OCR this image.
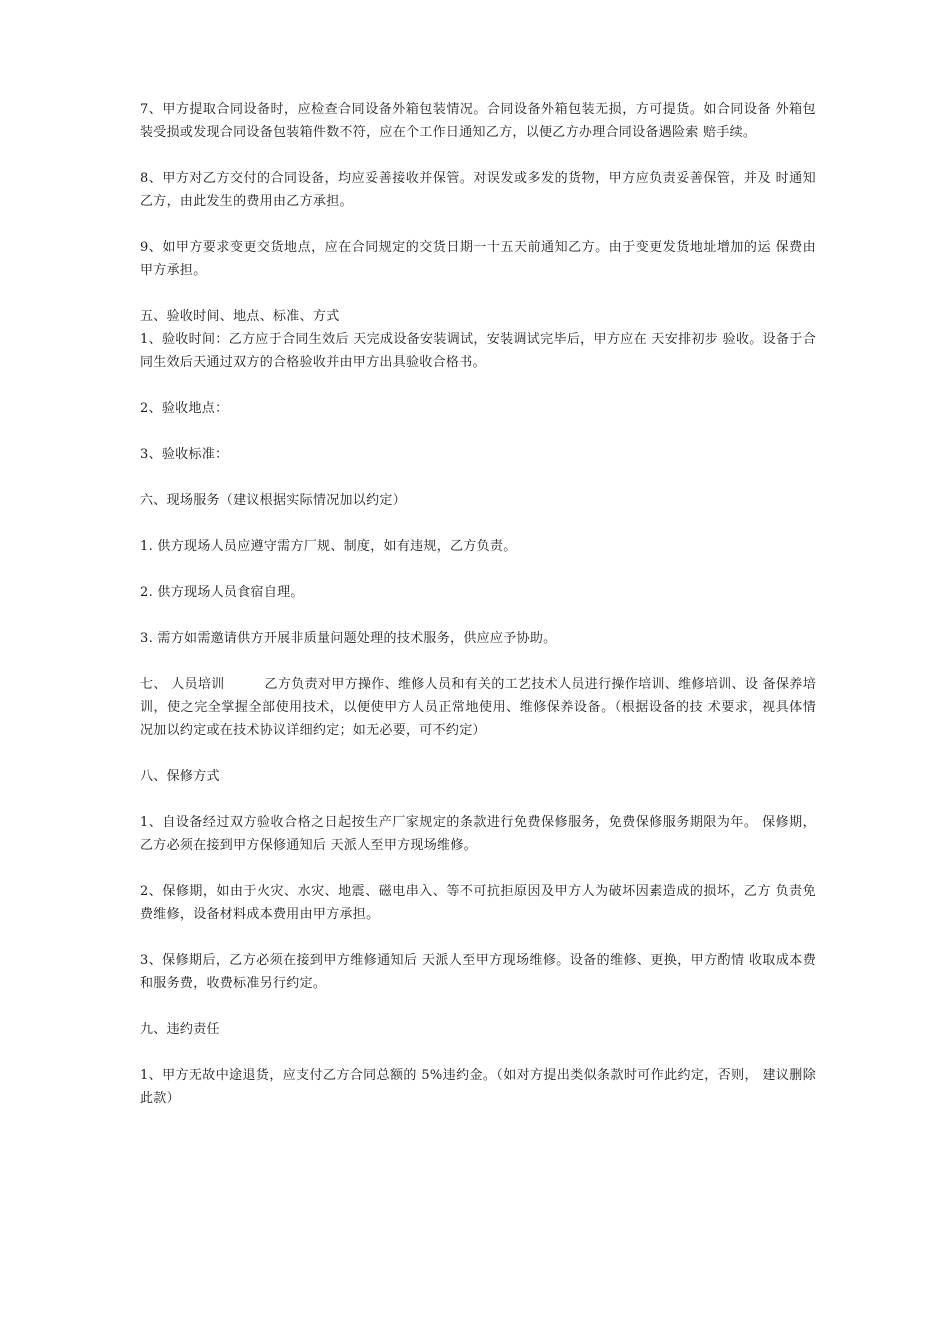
7、甲方提取合同设备时，应检查合同设备外箱包装情况。合同设备外箱包装无损，方可提货。如合同设备 外箱包装受损或发现合同设备包装箱件数不符，应在个工作日通知乙方，以便乙方办理合同设备遇险索 赔手续。

8、甲方对乙方交付的合同设备，均应妥善接收并保管。对误发或多发的货物，甲方应负责妥善保管，并及 时通知乙方，由此发生的费用由乙方承担。

9、如甲方要求变更交货地点，应在合同规定的交货日期一十五天前通知乙方。由于变更发货地址增加的运 保费由甲方承担。

五、验收时间、地点、标准、方式

1、验收时间：乙方应于合同生效后 天完成设备安装调试，安装调试完毕后，甲方应在 天安排初步 验收。设备于合同生效后天通过双方的合格验收并由甲方出具验收合格书。

2、验收地点：

3、验收标准：

六、现场服务（建议根据实际情况加以约定）

1. 供方现场人员应遵守需方厂规、制度，如有违规，乙方负责。

2. 供方现场人员食宿自理。

3. 需方如需邀请供方开展非质量问题处理的技术服务，供应应予协助。

七、 人员培训　　　乙方负责对甲方操作、维修人员和有关的工艺技术人员进行操作培训、维修培训、设 备保养培训，使之完全掌握全部使用技术，以便使甲方人员正常地使用、维修保养设备。（根据设备的技 术要求，视具体情况加以约定或在技术协议详细约定；如无必要，可不约定）

八、保修方式

1、自设备经过双方验收合格之日起按生产厂家规定的条款进行免费保修服务，免费保修服务期限为年。 保修期，乙方必须在接到甲方保修通知后 天派人至甲方现场维修。

2、保修期，如由于火灾、水灾、地震、磁电串入、等不可抗拒原因及甲方人为破坏因素造成的损坏，乙方 负责免费维修，设备材料成本费用由甲方承担。

3、保修期后，乙方必须在接到甲方维修通知后 天派人至甲方现场维修。设备的维修、更换，甲方酌情 收取成本费和服务费，收费标准另行约定。

九、违约责任

1、甲方无故中途退货，应支付乙方合同总额的 5%违约金。（如对方提出类似条款时可作此约定，否则， 建议删除此款）
